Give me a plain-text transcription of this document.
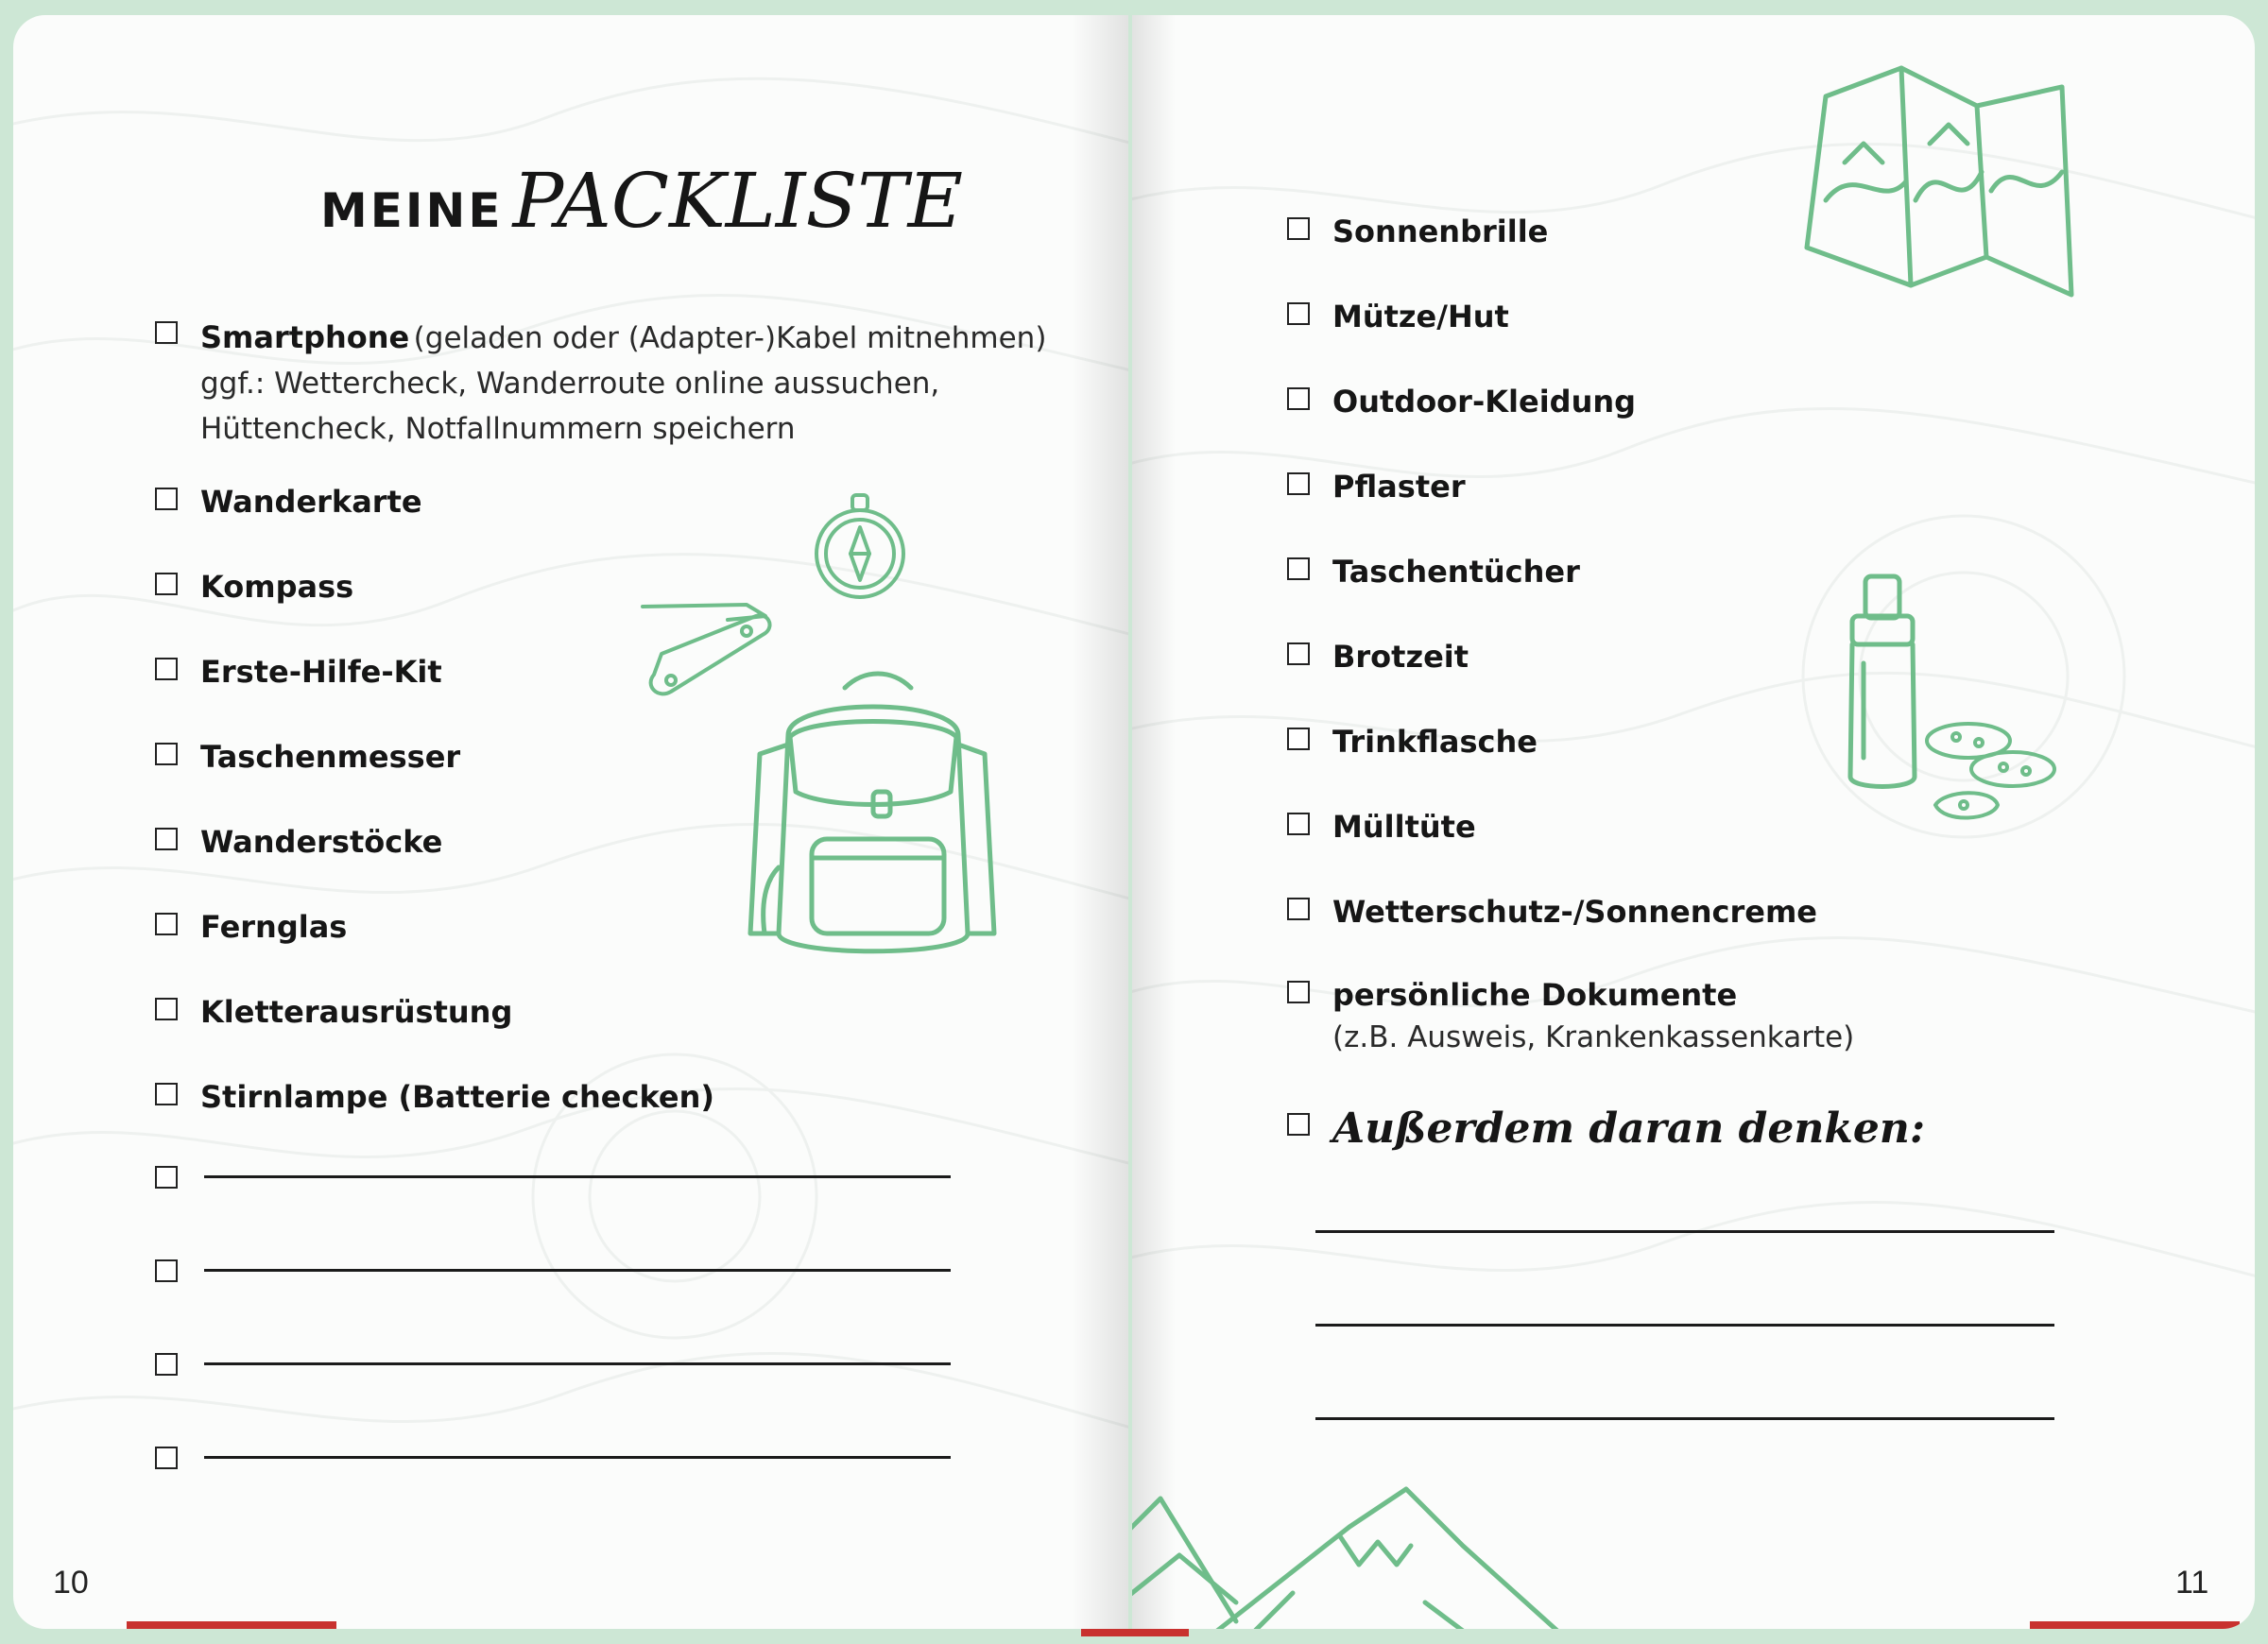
MEINE PACKLISTE
Smartphone (geladen oder (Adapter-)Kabel mitnehmen)
ggf.: Wettercheck, Wanderroute online aussuchen,
Hüttencheck, Notfallnummern speichern
Wanderkarte
Kompass
Erste-Hilfe-Kit
Taschenmesser
Wanderstöcke
Fernglas
Kletterausrüstung
Stirnlampe (Batterie checken)
10
Sonnenbrille
Mütze/Hut
Outdoor-Kleidung
Pflaster
Taschentücher
Brotzeit
Trinkflasche
Mülltüte
Wetterschutz-/Sonnencreme
persönliche Dokumente
(z.B. Ausweis, Krankenkassenkarte)
Außerdem daran denken:
11
